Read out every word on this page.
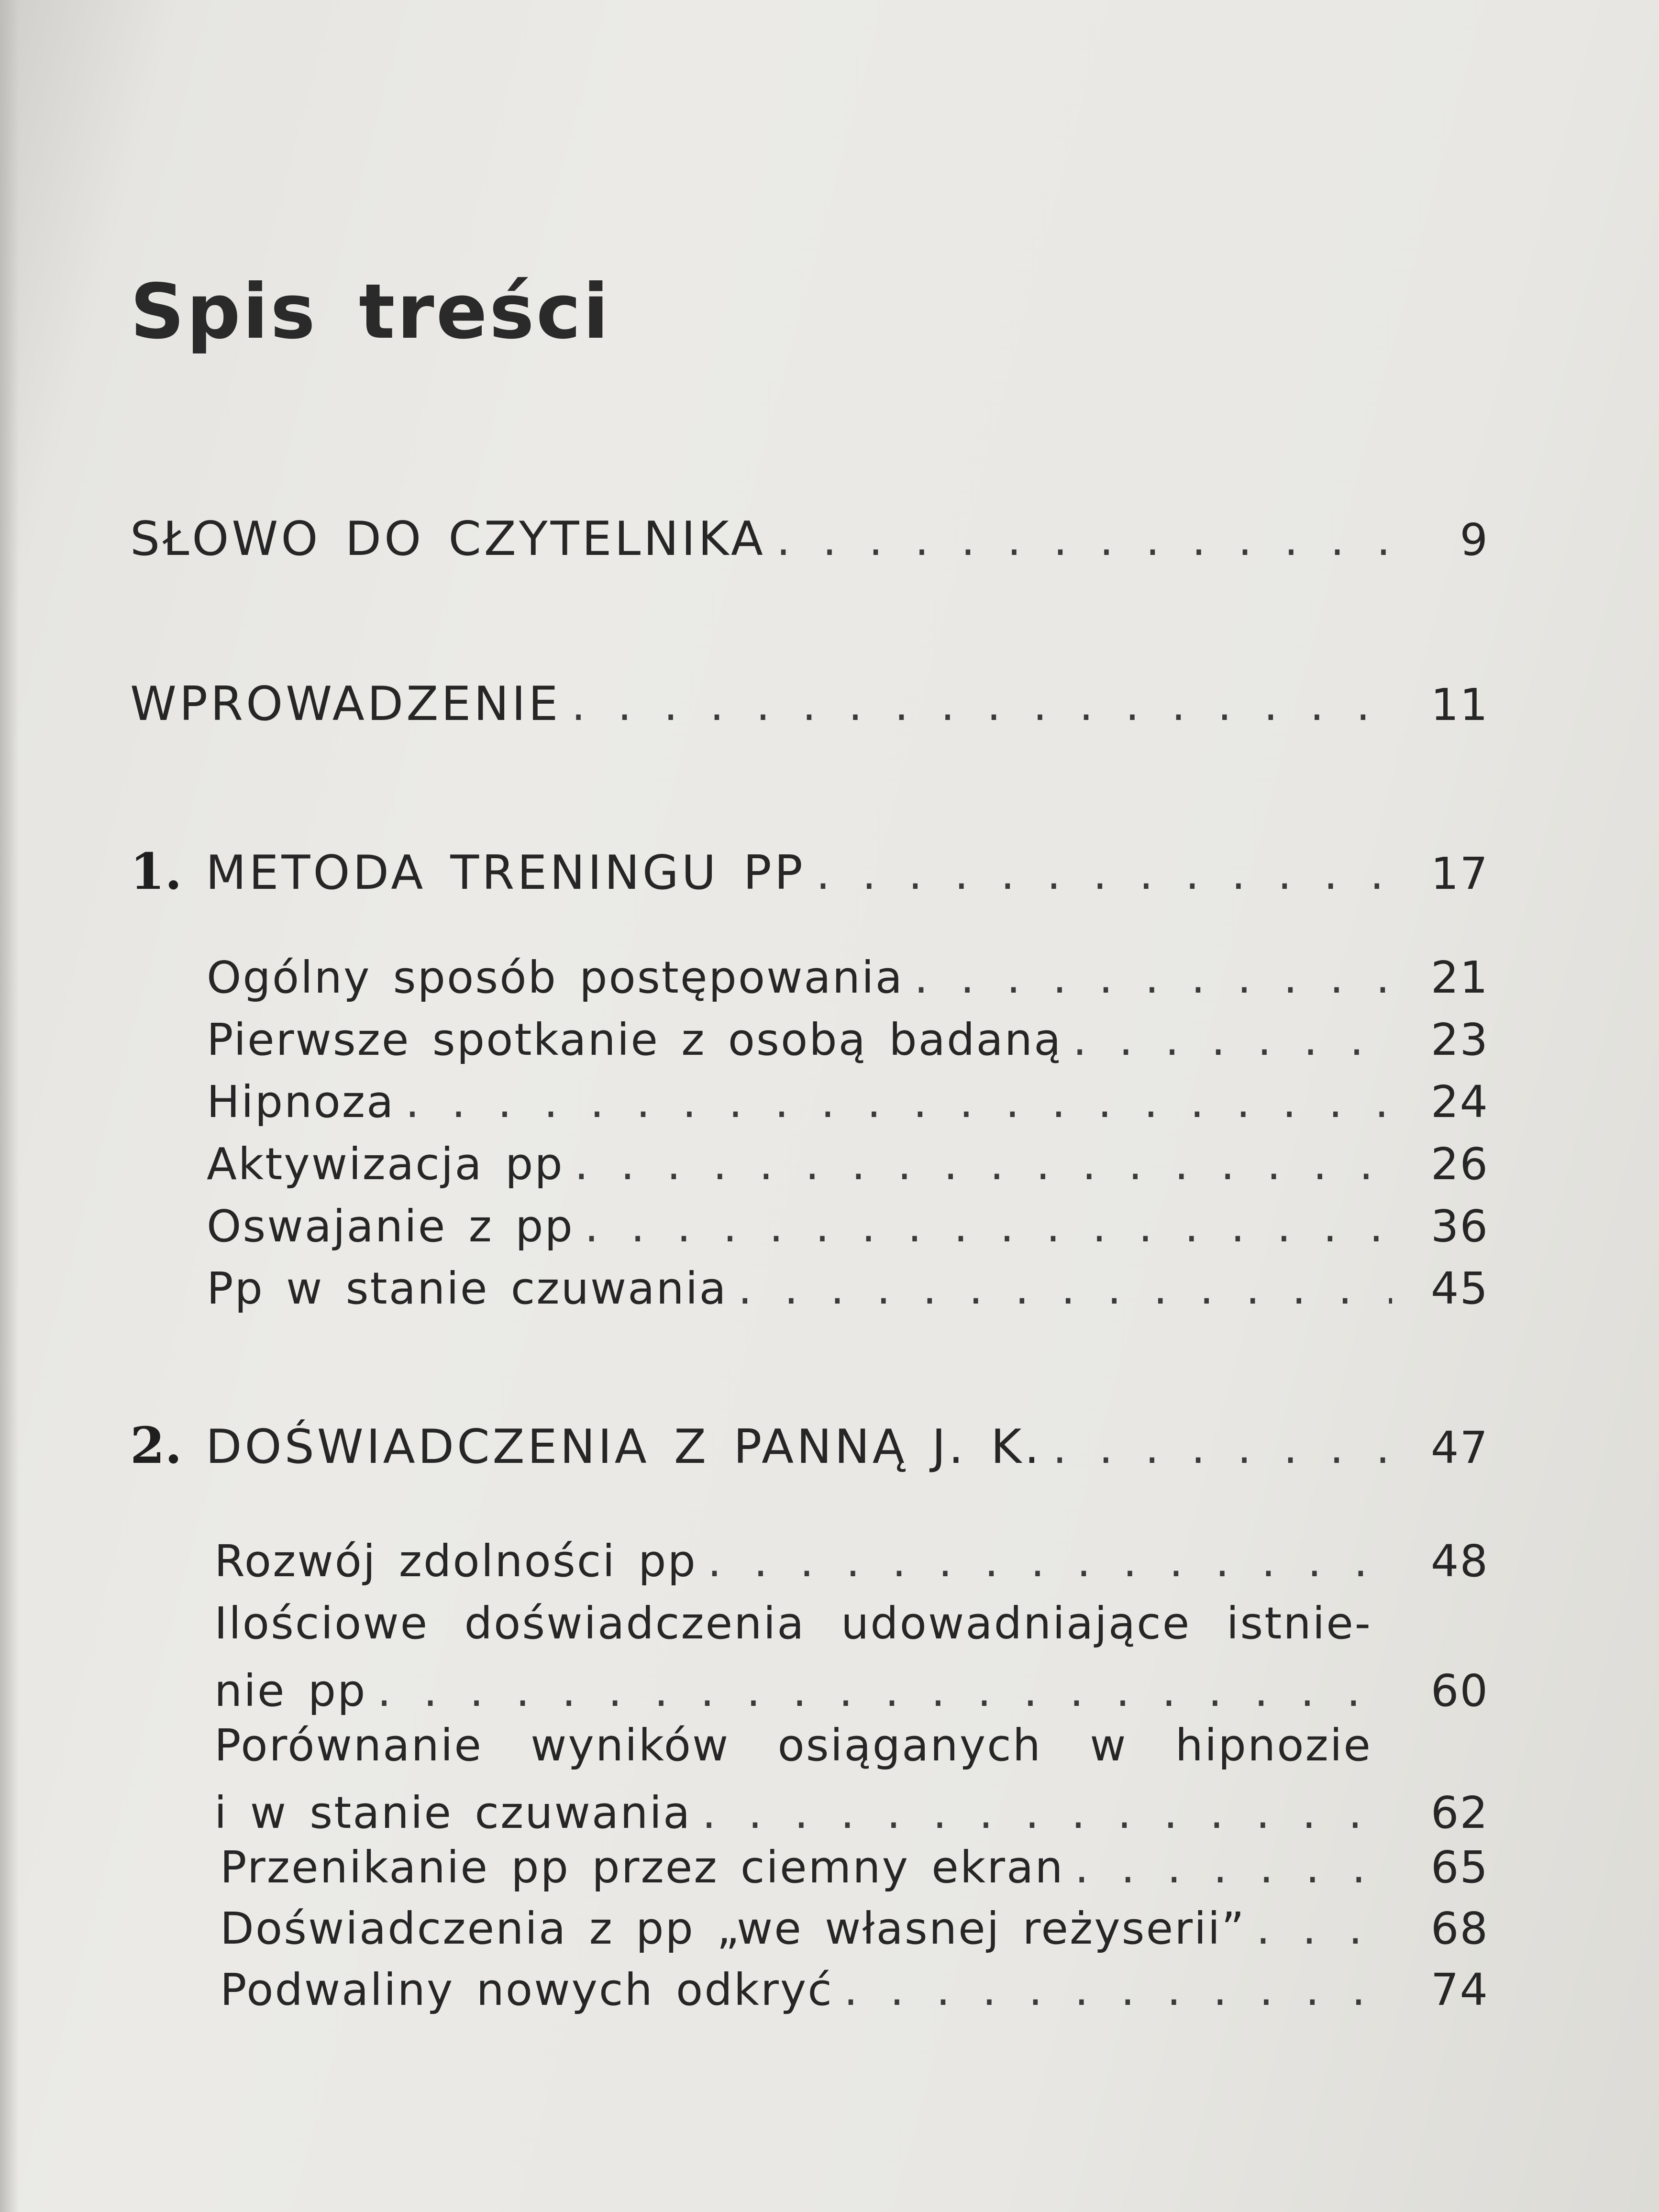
Spis treści
SŁOWO DO CZYTELNIKA . .	9
WPROWADZENIE . .	11
1. METODA TRENINGU PP . .	17
Ogólny sposób postępowania . .	21
Pierwsze spotkanie z osobą badaną . .	23
Hipnoza . .	24
Aktywizacja pp . .	26
Oswajanie z pp . .	36
Pp w stanie czuwania . .	45
2. DOŚWIADCZENIA Z PANNĄ J. K. . .	47
Rozwój zdolności pp . .	48
Ilościowe doświadczenia udowadniające istnie-
nie pp . .	60
Porównanie wyników osiąganych w hipnozie
i w stanie czuwania . .	62
Przenikanie pp przez ciemny ekran . .	65
Doświadczenia z pp „we własnej reżyserii” . .	68
Podwaliny nowych odkryć . .	74
